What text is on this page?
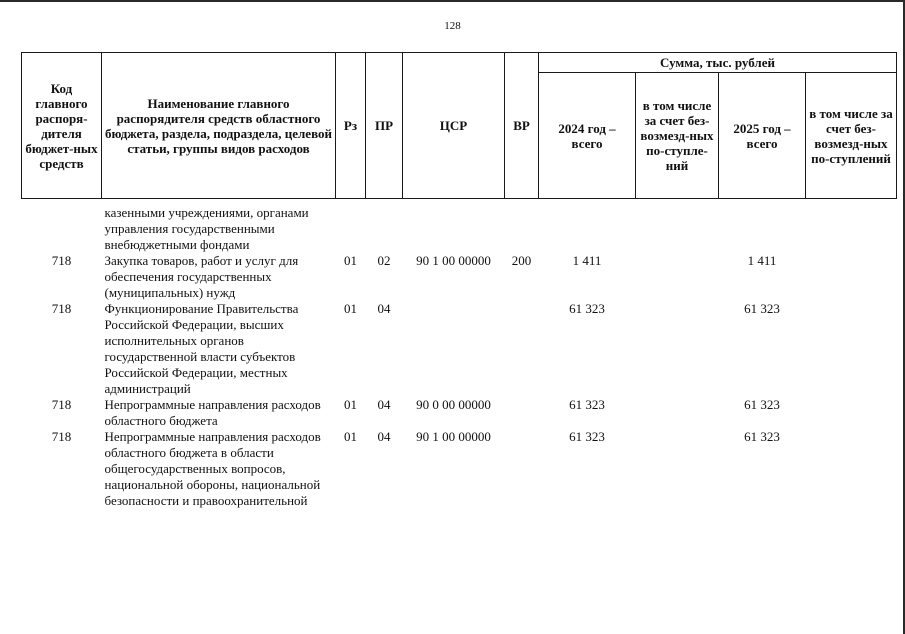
128
Код главного распоря-дителя бюджет-ных средств	Наименование главного распорядителя средств областного бюджета, раздела, подраздела, целевой статьи, группы видов расходов	Рз	ПР	ЦСР	ВР	Сумма, тыс. рублей			
						2024 год – всего	в том числе за счет без-возмезд-ных по-ступле-ний	2025 год – всего	в том числе за счет без-возмезд-ных по-ступлений

	казенными учреждениями, органами управления государственными внебюджетными фондами								
718	Закупка товаров, работ и услуг для обеспечения государственных (муниципальных) нужд	01	02	90 1 00 00000	200	1 411		1 411	
718	Функционирование Правительства Российской Федерации, высших исполнительных органов государственной власти субъектов Российской Федерации, местных администраций	01	04			61 323		61 323	
718	Непрограммные направления расходов областного бюджета	01	04	90 0 00 00000		61 323		61 323	
718	Непрограммные направления расходов областного бюджета в области общегосударственных вопросов, национальной обороны, национальной безопасности и правоохранительной	01	04	90 1 00 00000		61 323		61 323	
